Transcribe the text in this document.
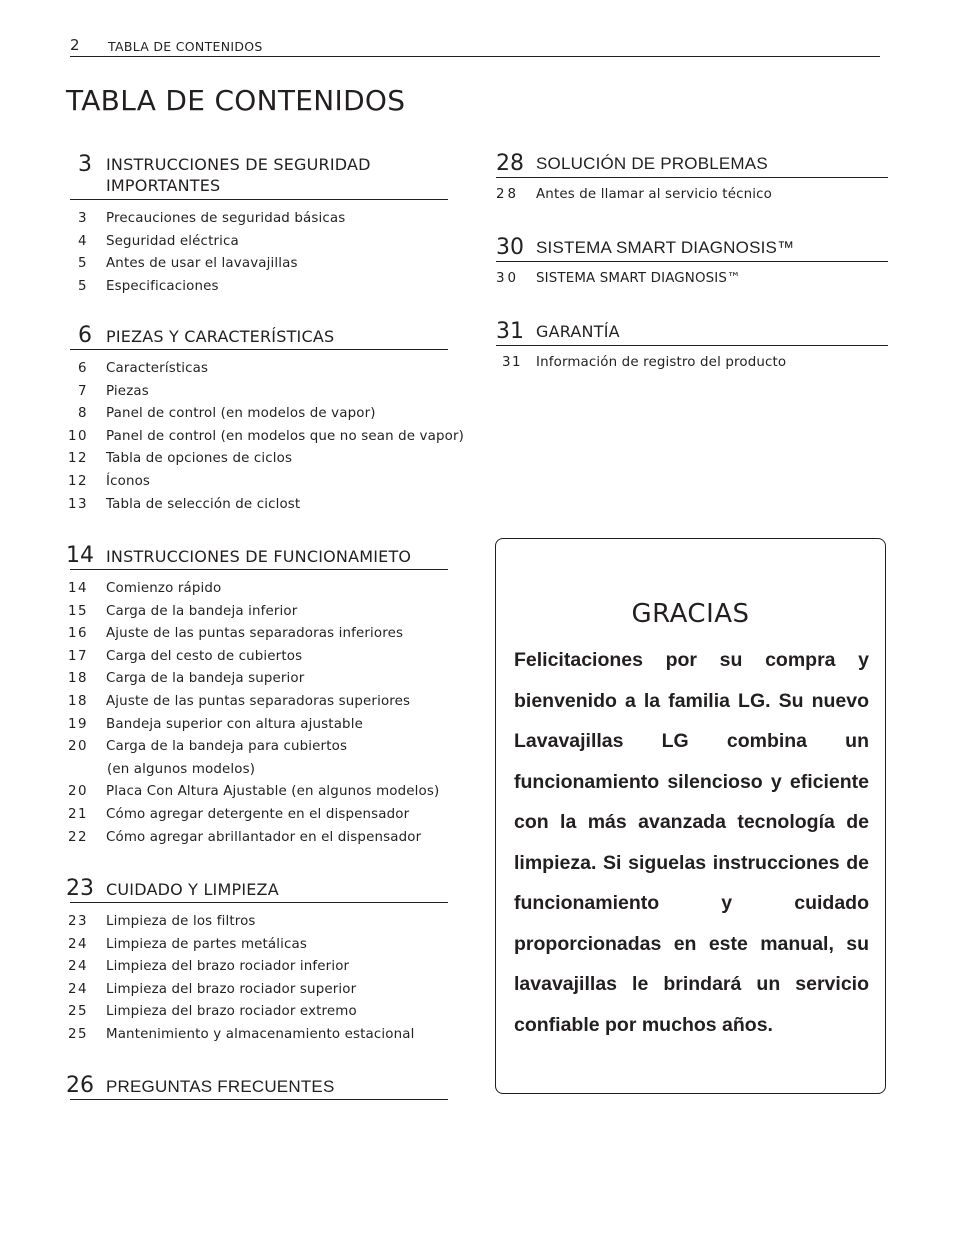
2 TABLA DE CONTENIDOS
TABLA DE CONTENIDOS
3 INSTRUCCIONES DE SEGURIDAD IMPORTANTES
3 Precauciones de seguridad básicas
4 Seguridad eléctrica
5 Antes de usar el lavavajillas
5 Especificaciones
6 PIEZAS Y CARACTERÍSTICAS
6 Características
7 Piezas
8 Panel de control (en modelos de vapor)
10 Panel de control (en modelos que no sean de vapor)
12 Tabla de opciones de ciclos
12 Íconos
13 Tabla de selección de ciclost
14 INSTRUCCIONES DE FUNCIONAMIETO
14 Comienzo rápido
15 Carga de la bandeja inferior
16 Ajuste de las puntas separadoras inferiores
17 Carga del cesto de cubiertos
18 Carga de la bandeja superior
18 Ajuste de las puntas separadoras superiores
19 Bandeja superior con altura ajustable
20 Carga de la bandeja para cubiertos
(en algunos modelos)
20 Placa Con Altura Ajustable (en algunos modelos)
21 Cómo agregar detergente en el dispensador
22 Cómo agregar abrillantador en el dispensador
23 CUIDADO Y LIMPIEZA
23 Limpieza de los filtros
24 Limpieza de partes metálicas
24 Limpieza del brazo rociador inferior
24 Limpieza del brazo rociador superior
25 Limpieza del brazo rociador extremo
25 Mantenimiento y almacenamiento estacional
26 PREGUNTAS FRECUENTES
28 SOLUCIÓN DE PROBLEMAS
28	Antes de llamar al servicio técnico
30 SISTEMA SMART DIAGNOSIS™
30	SISTEMA SMART DIAGNOSIS™
31 GARANTÍA
31	Información de registro del producto
GRACIAS
Felicitaciones por su compra y bienvenido a la familia LG. Su nuevo Lavavajillas LG combina un funcionamiento silencioso y eficiente con la más avanzada tecnología de limpieza. Si siguelas instrucciones de funcionamiento y cuidado proporcionadas en este manual, su lavavajillas le brindará un servicio confiable por muchos años.
